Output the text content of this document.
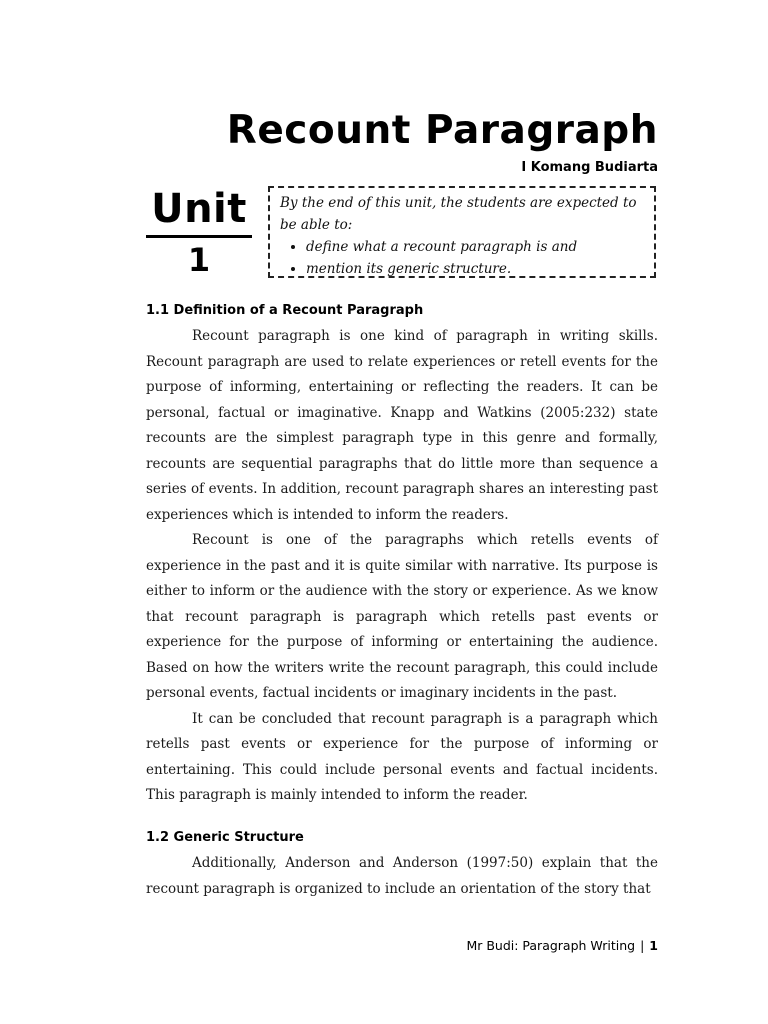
Recount Paragraph
I Komang Budiarta
Unit
1
By the end of this unit, the students are expected to be able to:
• define what a recount paragraph is and
• mention its generic structure.
1.1 Definition of a Recount Paragraph

Recount paragraph is one kind of paragraph in writing skills. Recount paragraph are used to relate experiences or retell events for the purpose of informing, entertaining or reflecting the readers. It can be personal, factual or imaginative. Knapp and Watkins (2005:232) state recounts are the simplest paragraph type in this genre and formally, recounts are sequential paragraphs that do little more than sequence a series of events. In addition, recount paragraph shares an interesting past experiences which is intended to inform the readers.

Recount is one of the paragraphs which retells events of experience in the past and it is quite similar with narrative. Its purpose is either to inform or the audience with the story or experience. As we know that recount paragraph is paragraph which retells past events or experience for the purpose of informing or entertaining the audience. Based on how the writers write the recount paragraph, this could include personal events, factual incidents or imaginary incidents in the past.

It can be concluded that recount paragraph is a paragraph which retells past events or experience for the purpose of informing or entertaining. This could include personal events and factual incidents. This paragraph is mainly intended to inform the reader.

1.2 Generic Structure

Additionally, Anderson and Anderson (1997:50) explain that the recount paragraph is organized to include an orientation of the story that

Mr Budi: Paragraph Writing | 1
